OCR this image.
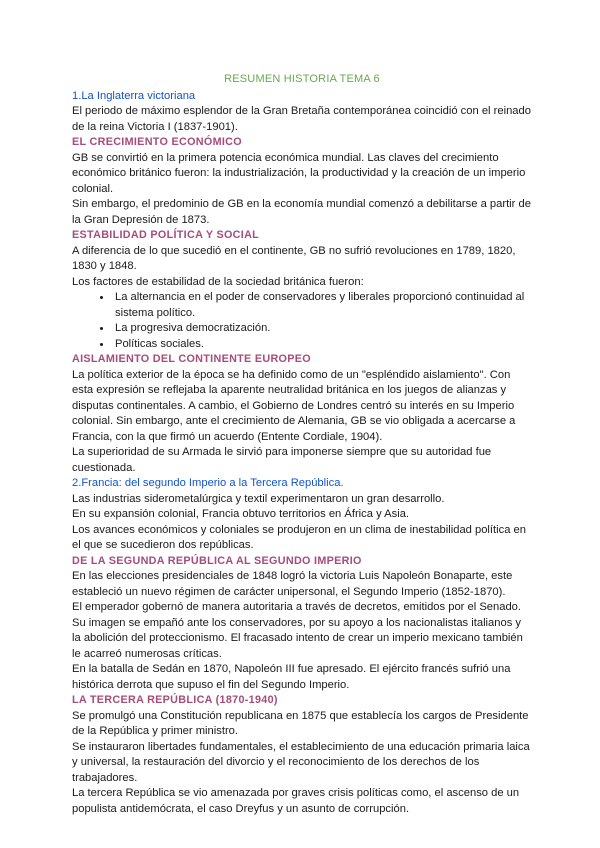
RESUMEN HISTORIA TEMA 6
1.La Inglaterra victoriana

El periodo de máximo esplendor de la Gran Bretaña contemporánea coincidió con el reinado de la reina Victoria I (1837-1901).

EL CRECIMIENTO ECONÓMICO

GB se convirtió en la primera potencia económica mundial. Las claves del crecimiento económico británico fueron: la industrialización, la productividad y la creación de un imperio colonial.

Sin embargo, el predominio de GB en la economía mundial comenzó a debilitarse a partir de la Gran Depresión de 1873.

ESTABILIDAD POLÍTICA Y SOCIAL

A diferencia de lo que sucedió en el continente, GB no sufrió revoluciones en 1789, 1820, 1830 y 1848.

Los factores de estabilidad de la sociedad británica fueron:

• La alternancia en el poder de conservadores y liberales proporcionó continuidad al sistema político.
• La progresiva democratización.
• Políticas sociales.
AISLAMIENTO DEL CONTINENTE EUROPEO

La política exterior de la época se ha definido como de un "espléndido aislamiento". Con esta expresión se reflejaba la aparente neutralidad británica en los juegos de alianzas y disputas continentales. A cambio, el Gobierno de Londres centró su interés en su Imperio colonial. Sin embargo, ante el crecimiento de Alemania, GB se vio obligada a acercarse a Francia, con la que firmó un acuerdo (Entente Cordiale, 1904).

La superioridad de su Armada le sirvió para imponerse siempre que su autoridad fue cuestionada.

2.Francia: del segundo Imperio a la Tercera República.

Las industrias siderometalúrgica y textil experimentaron un gran desarrollo.

En su expansión colonial, Francia obtuvo territorios en África y Asia.

Los avances económicos y coloniales se produjeron en un clima de inestabilidad política en el que se sucedieron dos repúblicas.

DE LA SEGUNDA REPÚBLICA AL SEGUNDO IMPERIO

En las elecciones presidenciales de 1848 logró la victoria Luis Napoleón Bonaparte, este estableció un nuevo régimen de carácter unipersonal, el Segundo Imperio (1852-1870).

El emperador gobernó de manera autoritaria a través de decretos, emitidos por el Senado.

Su imagen se empañó ante los conservadores, por su apoyo a los nacionalistas italianos y la abolición del proteccionismo. El fracasado intento de crear un imperio mexicano también le acarreó numerosas críticas.

En la batalla de Sedán en 1870, Napoleón III fue apresado. El ejército francés sufrió una histórica derrota que supuso el fin del Segundo Imperio.

LA TERCERA REPÚBLICA (1870-1940)

Se promulgó una Constitución republicana en 1875 que establecía los cargos de Presidente de la República y primer ministro.

Se instauraron libertades fundamentales, el establecimiento de una educación primaria laica y universal, la restauración del divorcio y el reconocimiento de los derechos de los trabajadores.

La tercera República se vio amenazada por graves crisis políticas como, el ascenso de un populista antidemócrata, el caso Dreyfus y un asunto de corrupción.
